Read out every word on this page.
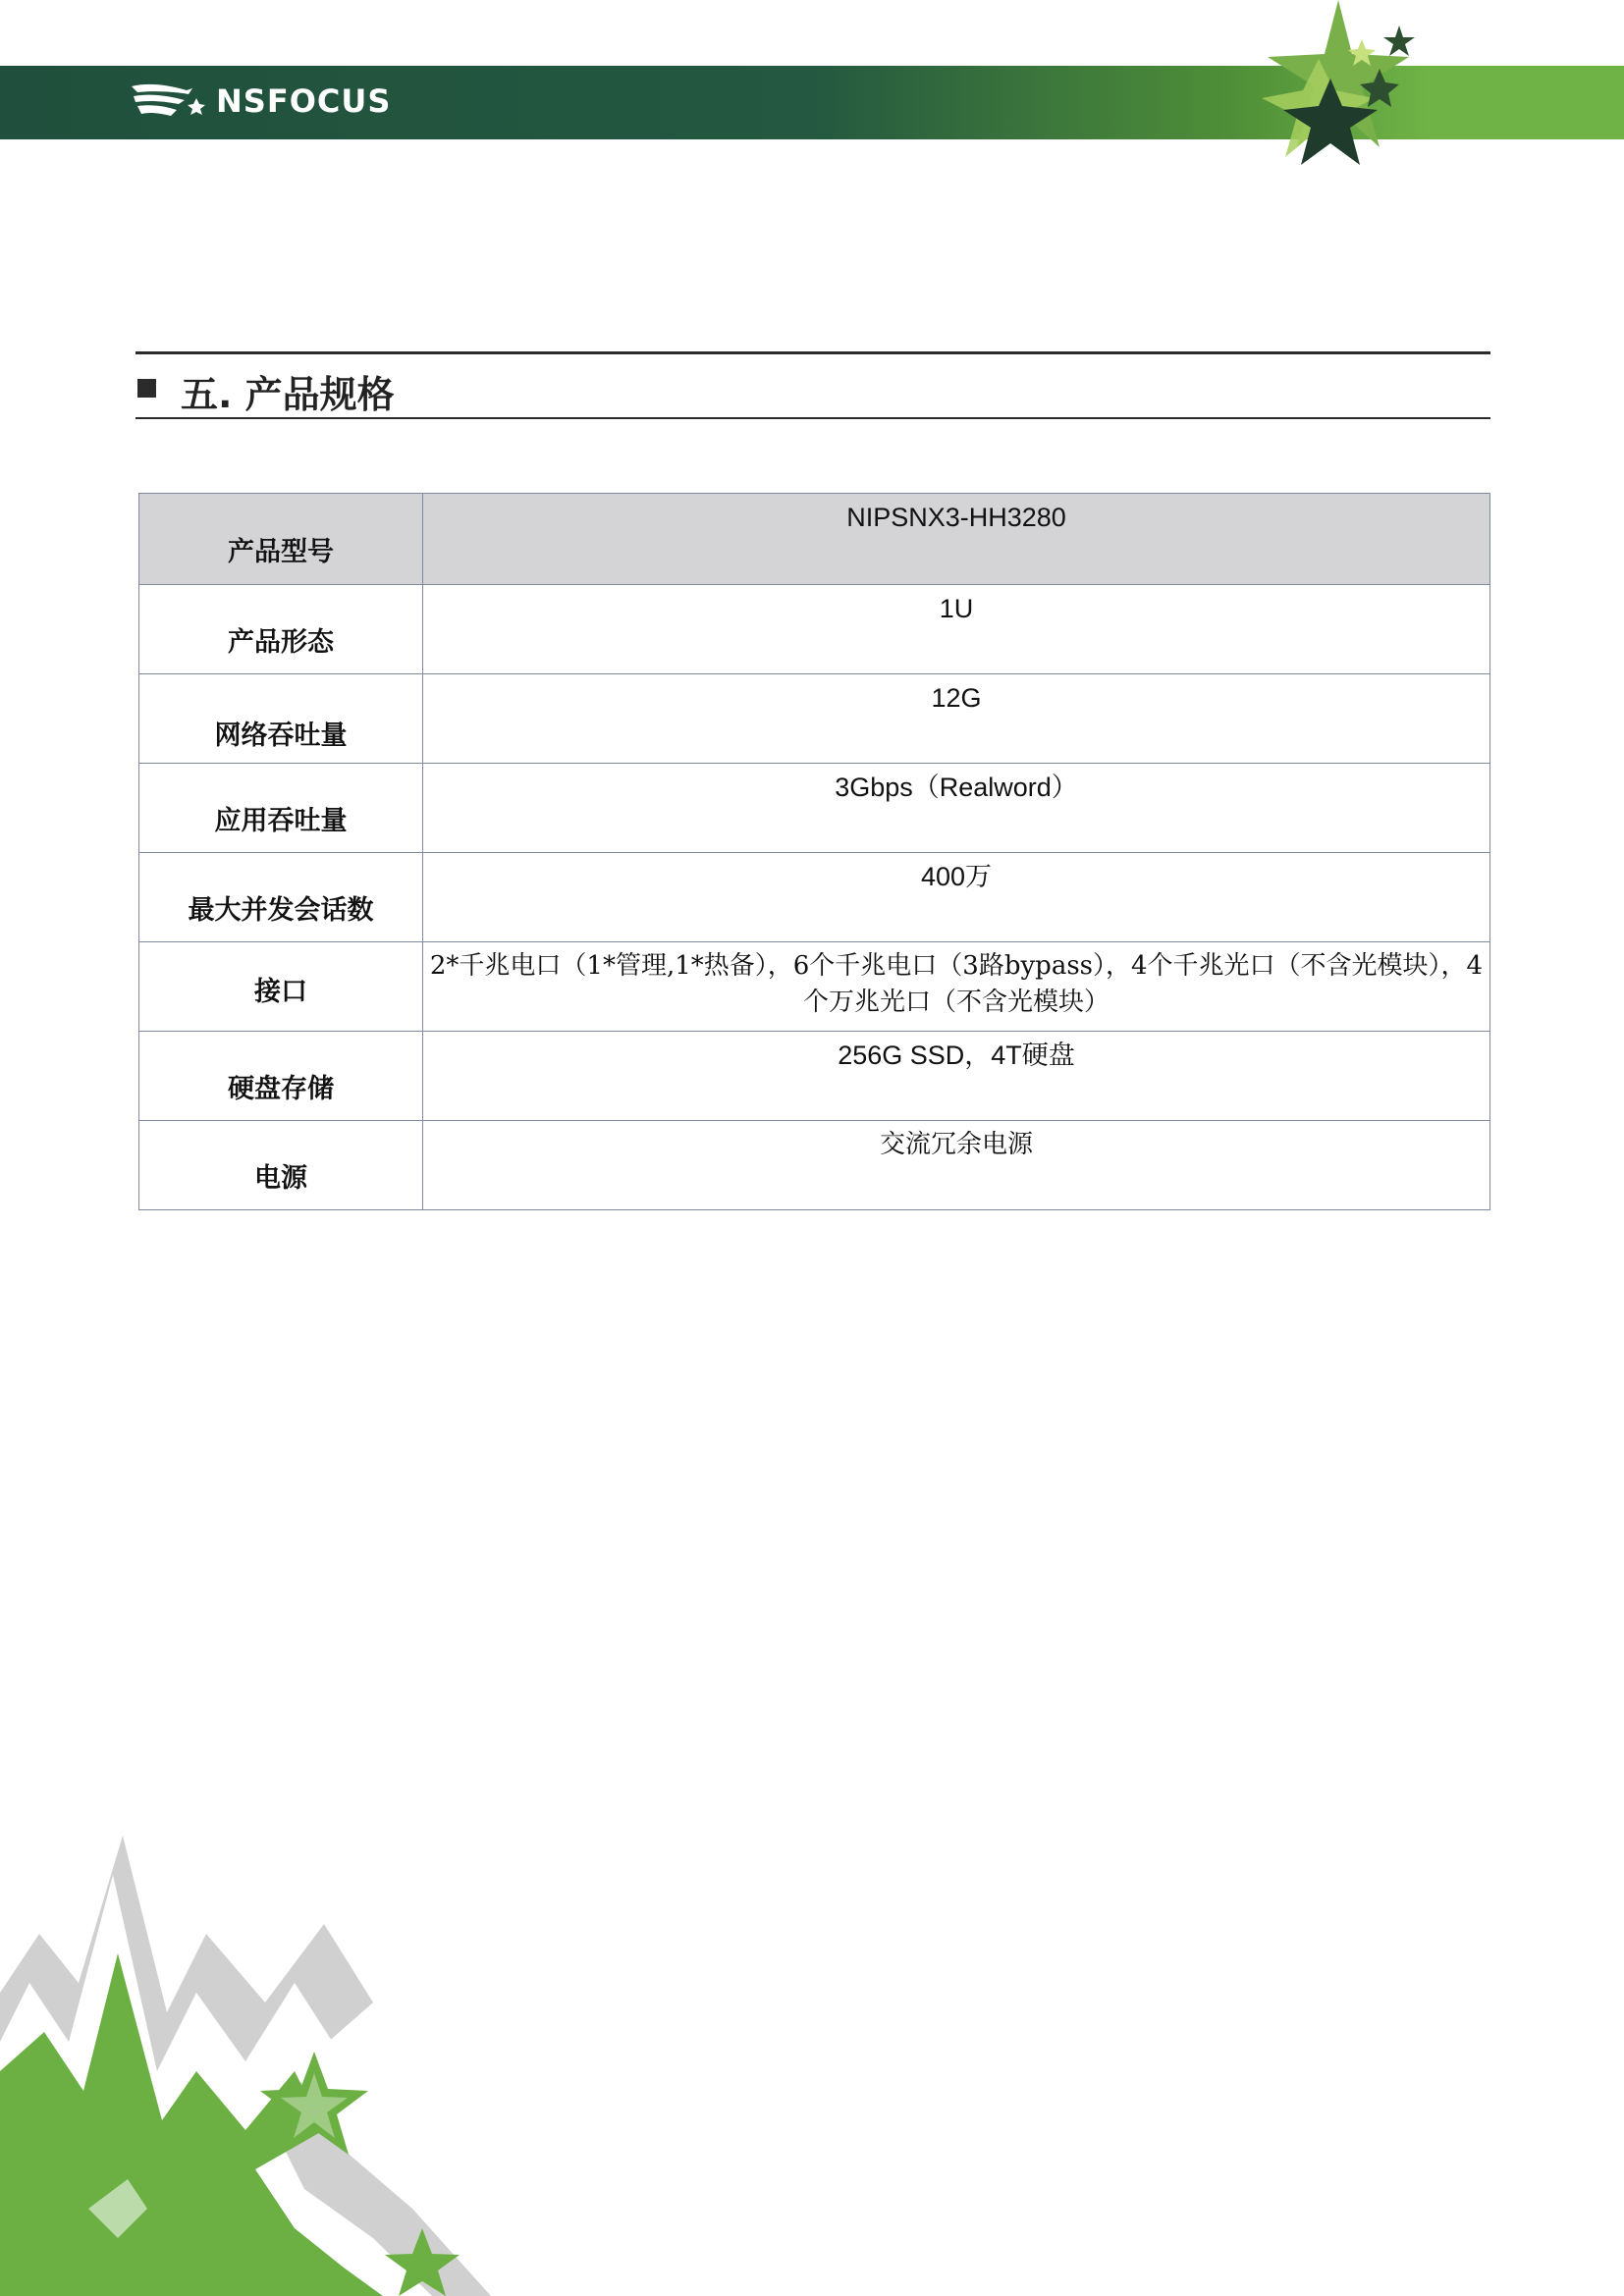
NSFOCUS
五. 产品规格
产品型号	NIPSNX3-HH3280
产品形态	1U
网络吞吐量	12G
应用吞吐量	3Gbps（Realword）
最大并发会话数	400万
接口	2*千兆电口（1*管理,1*热备），6个千兆电口（3路bypass），4个千兆光口（不含光模块），4个万兆光口（不含光模块）
硬盘存储	256G SSD，4T硬盘
电源	交流冗余电源
